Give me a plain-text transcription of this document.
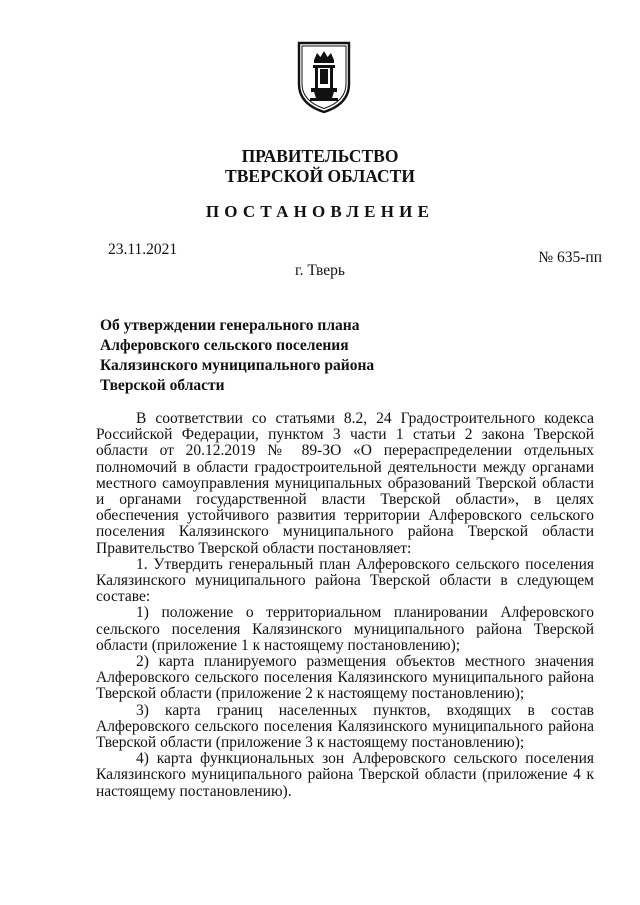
ПРАВИТЕЛЬСТВО
ТВЕРСКОЙ ОБЛАСТИ
ПОСТАНОВЛЕНИЕ
23.11.2021	№ 635-пп
г. Тверь
Об утверждении генерального плана
Алферовского сельского поселения
Калязинского муниципального района
Тверской области

В соответствии со статьями 8.2, 24 Градостроительного кодекса Российской Федерации, пунктом 3 части 1 статьи 2 закона Тверской области от 20.12.2019 № 89-ЗО «О перераспределении отдельных полномочий в области градостроительной деятельности между органами местного самоуправления муниципальных образований Тверской области и органами государственной власти Тверской области», в целях обеспечения устойчивого развития территории Алферовского сельского поселения Калязинского муниципального района Тверской области Правительство Тверской области постановляет:

1. Утвердить генеральный план Алферовского сельского поселения Калязинского муниципального района Тверской области в следующем составе:

1) положение о территориальном планировании Алферовского сельского поселения Калязинского муниципального района Тверской области (приложение 1 к настоящему постановлению);

2) карта планируемого размещения объектов местного значения Алферовского сельского поселения Калязинского муниципального района Тверской области (приложение 2 к настоящему постановлению);

3) карта границ населенных пунктов, входящих в состав Алферовского сельского поселения Калязинского муниципального района Тверской области (приложение 3 к настоящему постановлению);

4) карта функциональных зон Алферовского сельского поселения Калязинского муниципального района Тверской области (приложение 4 к настоящему постановлению).
